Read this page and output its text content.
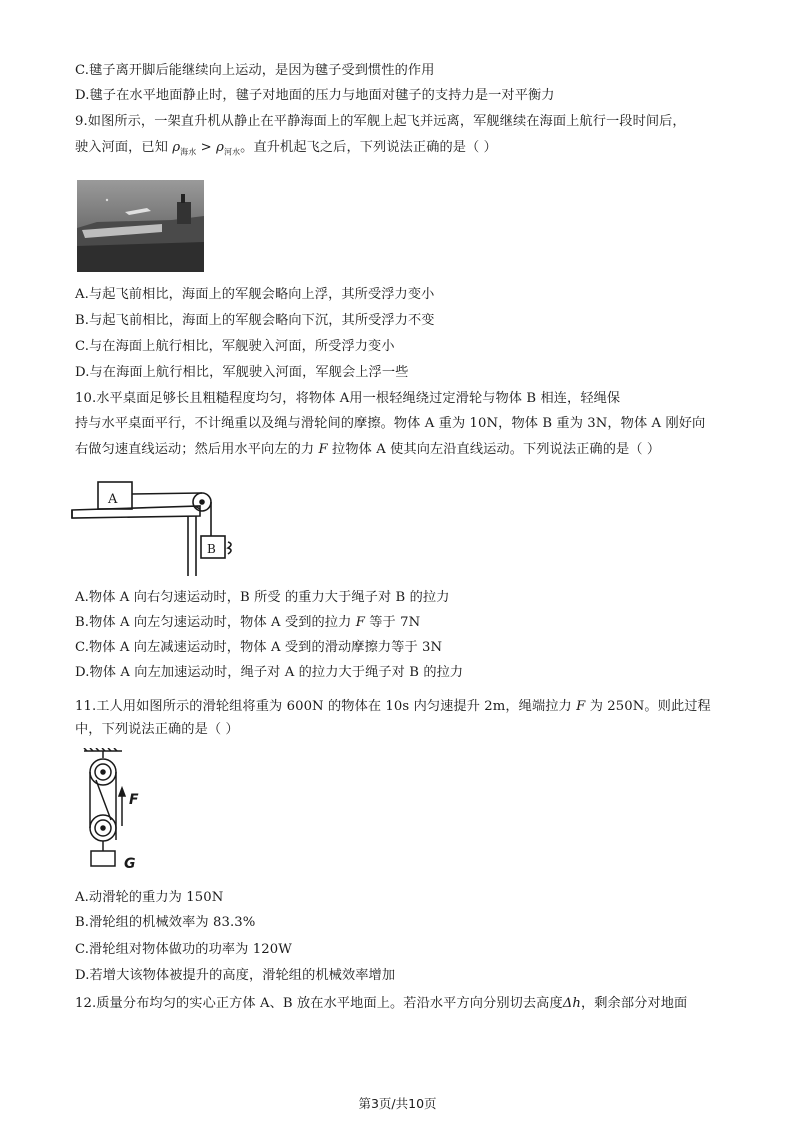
C.毽子离开脚后能继续向上运动，是因为毽子受到惯性的作用
D.毽子在水平地面静止时，毽子对地面的压力与地面对毽子的支持力是一对平衡力
9.如图所示，一架直升机从静止在平静海面上的军舰上起飞并远离，军舰继续在海面上航行一段时间后，
驶入河面，已知 $\rho_{海水} > \rho_{河水}$。直升机起飞之后，下列说法正确的是（ ）
A.与起飞前相比，海面上的军舰会略向上浮，其所受浮力变小
B.与起飞前相比，海面上的军舰会略向下沉，其所受浮力不变
C.与在海面上航行相比，军舰驶入河面，所受浮力变小
D.与在海面上航行相比，军舰驶入河面，军舰会上浮一些
10.水平桌面足够长且粗糙程度均匀，将物体 A用一根轻绳绕过定滑轮与物体 B 相连，轻绳保
持与水平桌面平行，不计绳重以及绳与滑轮间的摩擦。物体 A 重为 10N，物体 B 重为 3N，物体 A 刚好向
右做匀速直线运动；然后用水平向左的力 F 拉物体 A 使其向左沿直线运动。下列说法正确的是（ ）
A
B
A.物体 A 向右匀速运动时，B 所受 的重力大于绳子对 B 的拉力
B.物体 A 向左匀速运动时，物体 A 受到的拉力 F 等于 7N
C.物体 A 向左减速运动时，物体 A 受到的滑动摩擦力等于 3N
D.物体 A 向左加速运动时，绳子对 A 的拉力大于绳子对 B 的拉力
11.工人用如图所示的滑轮组将重为 600N 的物体在 10s 内匀速提升 2m，绳端拉力 F 为 250N。则此过程
中，下列说法正确的是（ ）
F
G
A.动滑轮的重力为 150N
B.滑轮组的机械效率为 83.3%
C.滑轮组对物体做功的功率为 120W
D.若增大该物体被提升的高度，滑轮组的机械效率增加
12.质量分布均匀的实心正方体 A、B 放在水平地面上。若沿水平方向分别切去高度Δh，剩余部分对地面
第3页/共10页
